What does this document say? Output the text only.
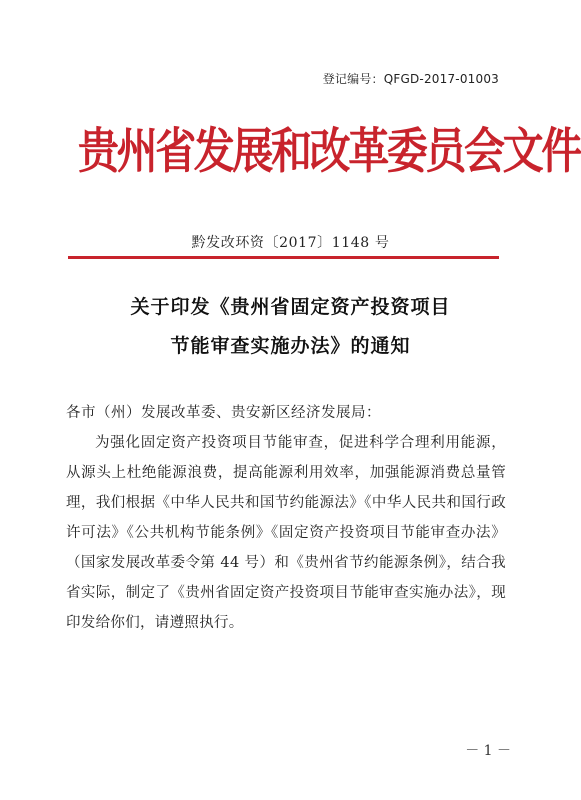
登记编号：QFGD-2017-01003
贵州省发展和改革委员会文件
黔发改环资〔2017〕1148 号
关于印发《贵州省固定资产投资项目
节能审查实施办法》的通知
各市（州）发展改革委、贵安新区经济发展局：
为强化固定资产投资项目节能审查，促进科学合理利用能源，从源头上杜绝能源浪费，提高能源利用效率，加强能源消费总量管理，我们根据《中华人民共和国节约能源法》《中华人民共和国行政许可法》《公共机构节能条例》《固定资产投资项目节能审查办法》（国家发展改革委令第 44 号）和《贵州省节约能源条例》，结合我省实际，制定了《贵州省固定资产投资项目节能审查实施办法》，现印发给你们，请遵照执行。
－ 1 －
